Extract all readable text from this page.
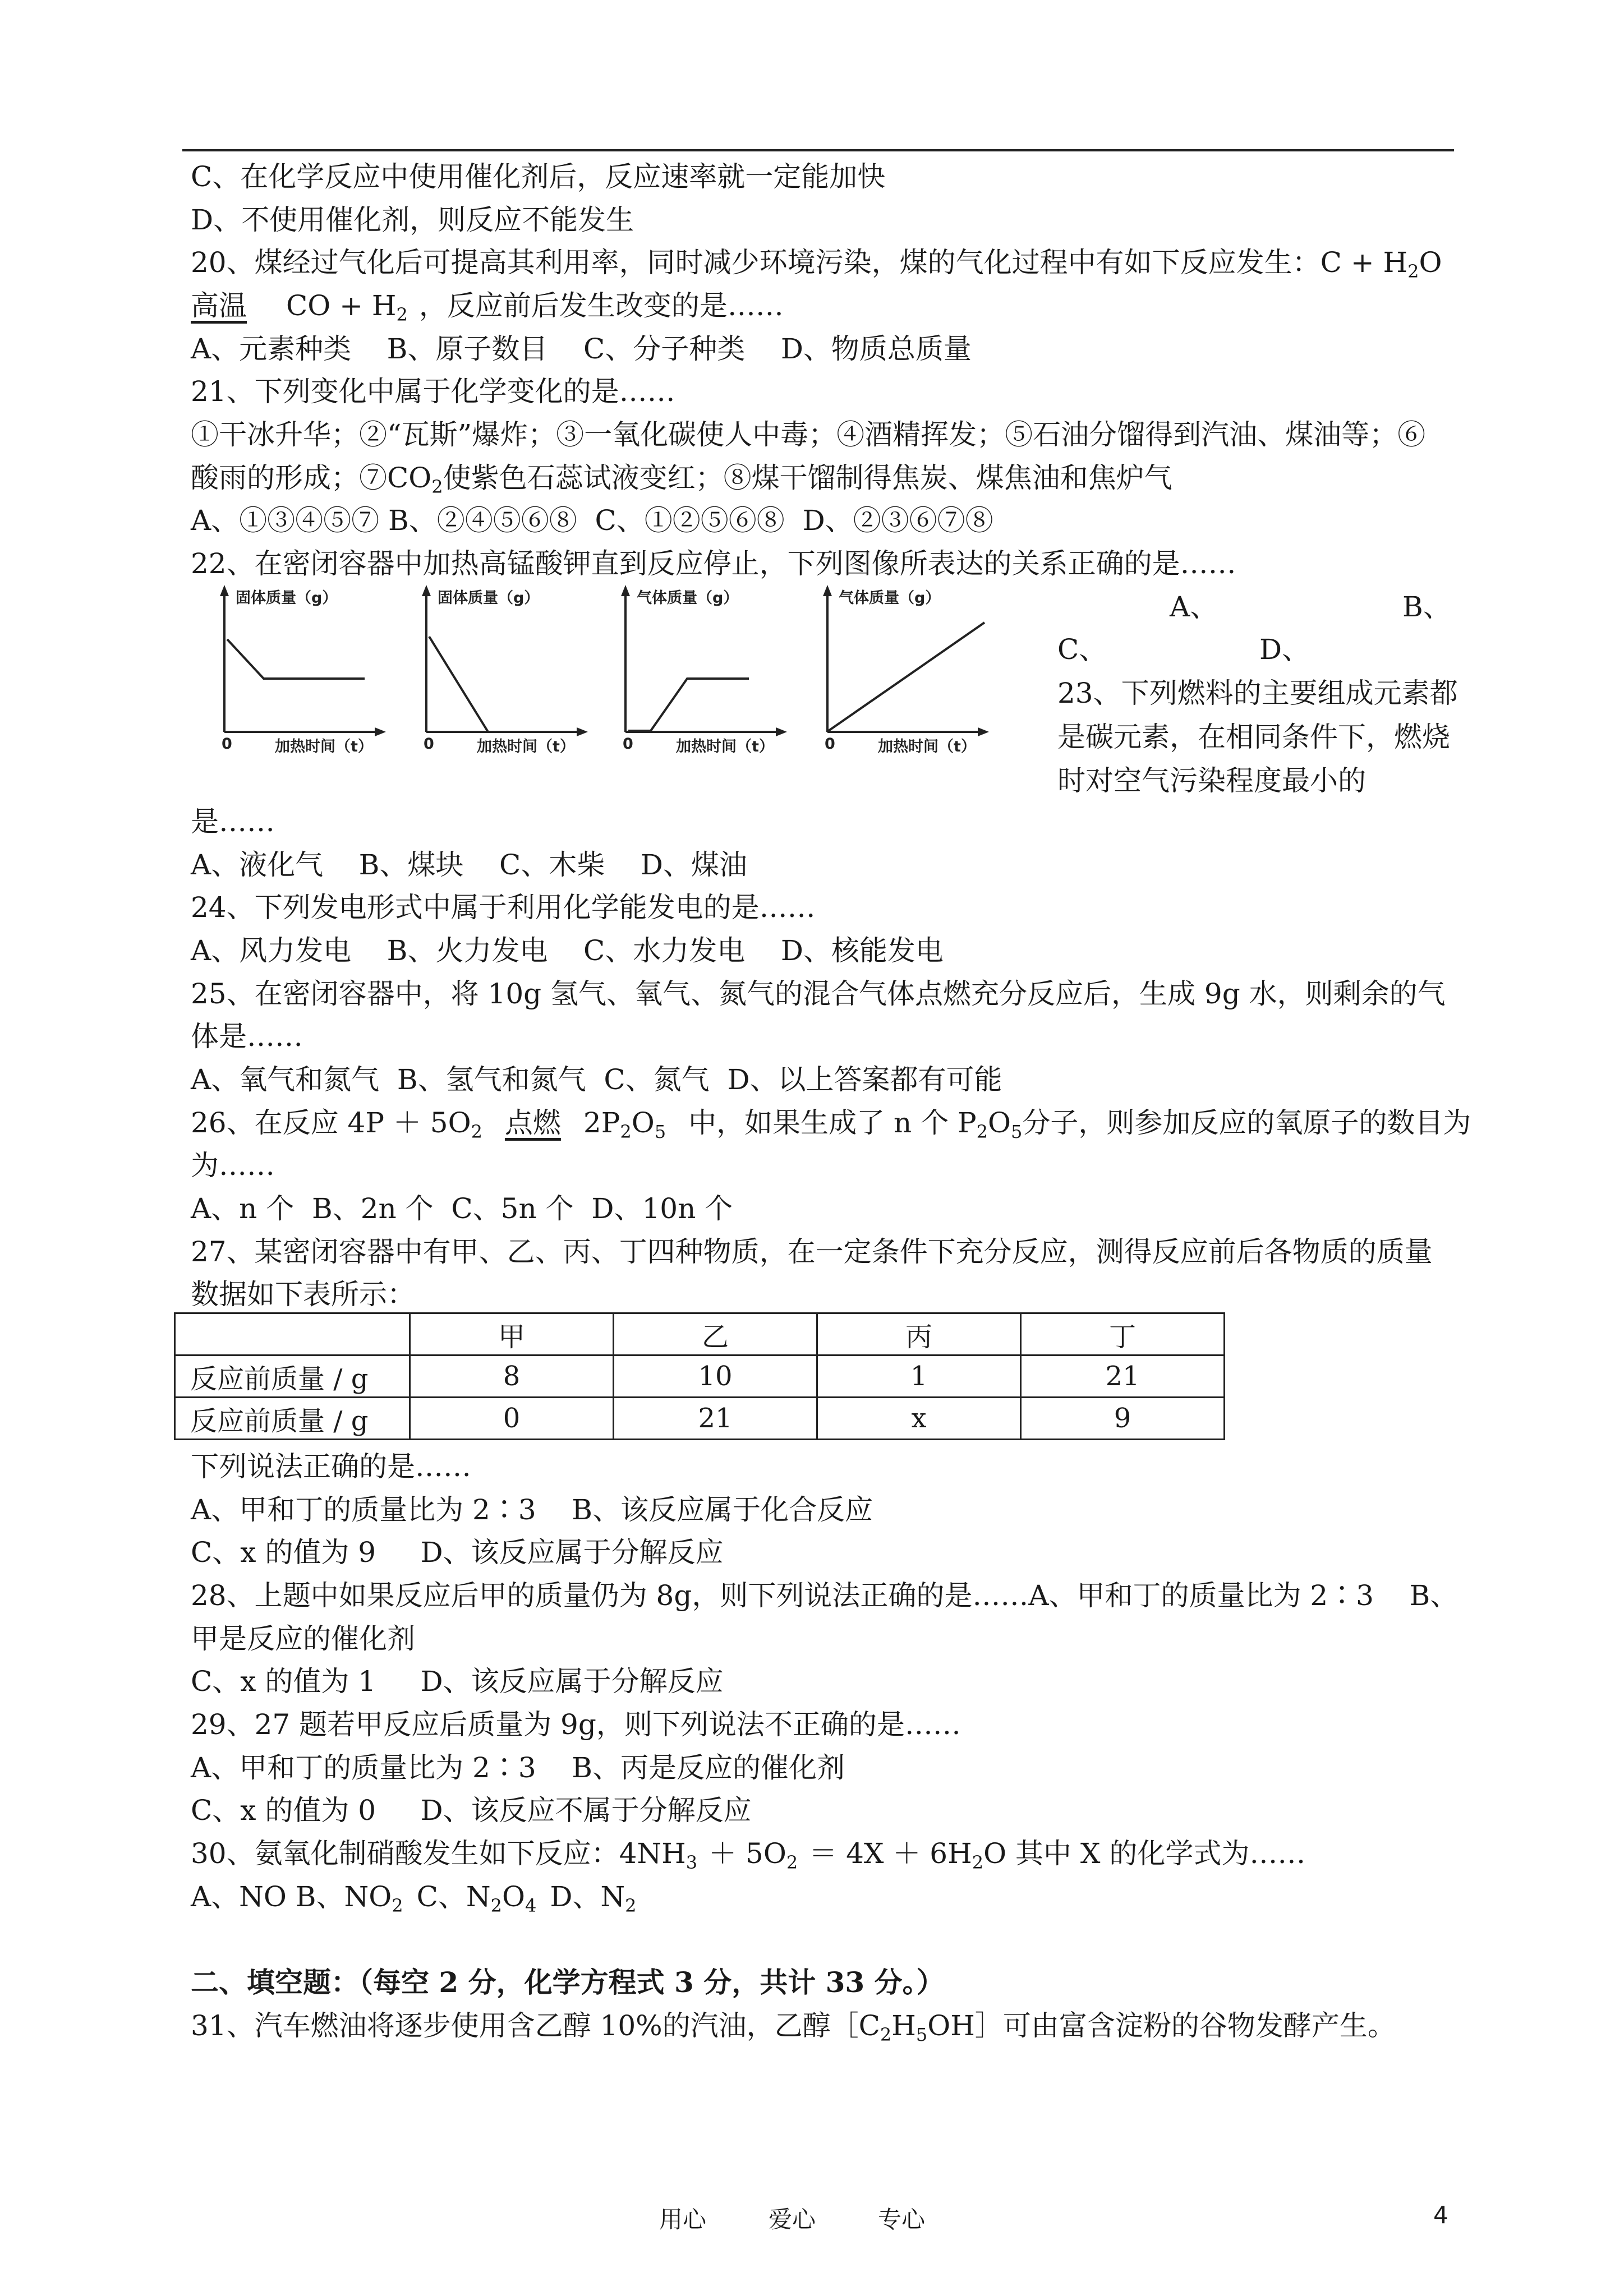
C、在化学反应中使用催化剂后，反应速率就一定能加快
D、不使用催化剂，则反应不能发生
20、煤经过气化后可提高其利用率，同时减少环境污染，煤的气化过程中有如下反应发生：$C + H_2O$
高温 CO + $H_2$ ，反应前后发生改变的是……
A、元素种类    B、原子数目    C、分子种类    D、物质总质量
21、下列变化中属于化学变化的是……
①干冰升华；②“瓦斯”爆炸；③一氧化碳使人中毒；④酒精挥发；⑤石油分馏得到汽油、煤油等；⑥
酸雨的形成；$⑦CO_2$使紫色石蕊试液变红；⑧煤干馏制得焦炭、煤焦油和焦炉气
A、①③④⑤⑦ B、②④⑤⑥⑧  C、①②⑤⑥⑧  D、②③⑥⑦⑧
22、在密闭容器中加热高锰酸钾直到反应停止，下列图像所表达的关系正确的是……
固体质量（g）
0	加热时间（t）
固体质量（g）
0	加热时间（t）
气体质量（g）
0	加热时间（t）
气体质量（g）
0	加热时间（t）
A、	B、
C、	D、
23、下列燃料的主要组成元素都是碳元素，在相同条件下，燃烧时对空气污染程度最小的
是……
A、液化气    B、煤块    C、木柴    D、煤油
24、下列发电形式中属于利用化学能发电的是……
A、风力发电    B、火力发电    C、水力发电    D、核能发电
25、在密闭容器中，将 10g 氢气、氧气、氮气的混合气体点燃充分反应后，生成 9g 水，则剩余的气
体是……
A、氧气和氮气  B、氢气和氮气  C、氮气  D、以上答案都有可能
26、在反应 $4P + 5O_2$ 点燃 $2P_2O_5$ 中，如果生成了 n 个 $P_2O_5$分子，则参加反应的氧原子的数目为
为……
A、n 个  B、2n 个  C、5n 个  D、10n 个
27、某密闭容器中有甲、乙、丙、丁四种物质，在一定条件下充分反应，测得反应前后各物质的质量
数据如下表所示：
	甲	乙	丙	丁
反应前质量 / g	8	10	1	21
反应前质量 / g	0	21	x	9
下列说法正确的是……
A、甲和丁的质量比为 2∶3    B、该反应属于化合反应
C、x 的值为 9     D、该反应属于分解反应
28、上题中如果反应后甲的质量仍为 8g，则下列说法正确的是……A、甲和丁的质量比为 2∶3    B、
甲是反应的催化剂
C、x 的值为 1     D、该反应属于分解反应
29、27 题若甲反应后质量为 9g，则下列说法不正确的是……
A、甲和丁的质量比为 2∶3    B、丙是反应的催化剂
C、x 的值为 0     D、该反应不属于分解反应
30、氨氧化制硝酸发生如下反应：$4NH_3 + 5O_2 = 4X + 6H_2O$ 其中 X 的化学式为……
A、NO B、$NO_2$ C、$N_2O_4$ D、$N_2$
二、填空题：（每空 2 分，化学方程式 3 分，共计 33 分。）
31、汽车燃油将逐步使用含乙醇 10%的汽油，乙醇$[C_2H_5OH]$可由富含淀粉的谷物发酵产生。
用心	爱心	专心	4
